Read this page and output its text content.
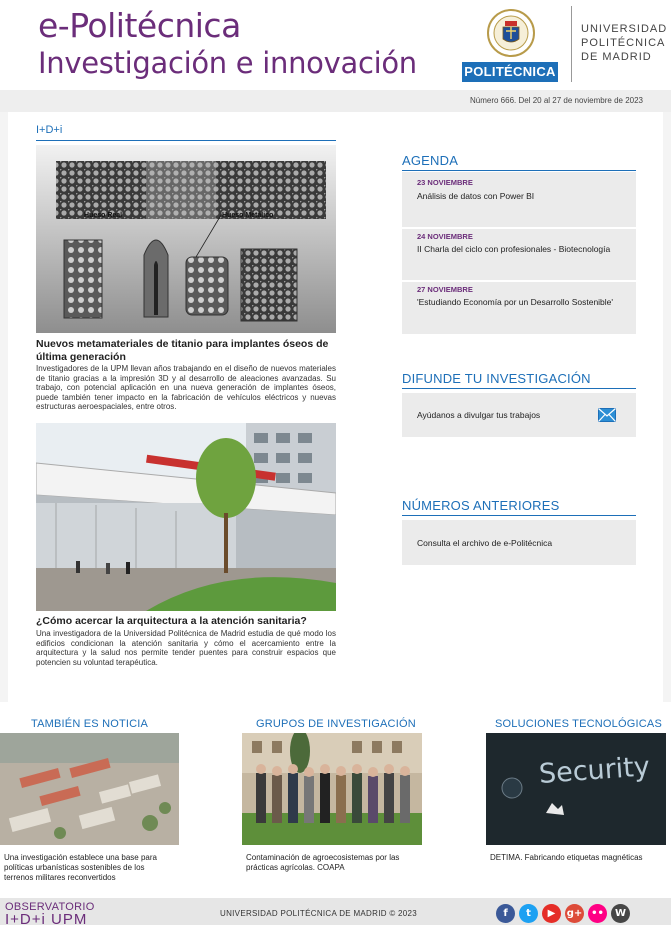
e-Politécnica
Investigación e innovación	POLITÉCNICA
UNIVERSIDAD
POLITÉCNICA
DE MADRID
Número 666. Del 20 al 27 de noviembre de 2023
I+D+i
Hueso Real	Hueso Metálico
Nuevos metamateriales de titanio para implantes óseos de última generación
Investigadores de la UPM llevan años trabajando en el diseño de nuevos materiales de titanio gracias a la impresión 3D y al desarrollo de aleaciones avanzadas. Su trabajo, con potencial aplicación en una nueva generación de implantes óseos, puede también tener impacto en la fabricación de vehículos eléctricos y nuevas estructuras aeroespaciales, entre otros.
¿Cómo acercar la arquitectura a la atención sanitaria?
Una investigadora de la Universidad Politécnica de Madrid estudia de qué modo los edificios condicionan la atención sanitaria y cómo el acercamiento entre la arquitectura y la salud nos permite tender puentes para construir espacios que potencien su voluntad terapéutica.
AGENDA
23 NOVIEMBRE
Análisis de datos con Power BI
24 NOVIEMBRE
II Charla del ciclo con profesionales - Biotecnología
27 NOVIEMBRE
'Estudiando Economía por un Desarrollo Sostenible'
DIFUNDE TU INVESTIGACIÓN
Ayúdanos a divulgar tus trabajos
NÚMEROS ANTERIORES
Consulta el archivo de e-Politécnica
TAMBIÉN ES NOTICIA
Una investigación establece una base para políticas urbanísticas sostenibles de los terrenos militares reconvertidos
GRUPOS DE INVESTIGACIÓN
Contaminación de agroecosistemas por las prácticas agrícolas. COAPA
SOLUCIONES TECNOLÓGICAS
Security
DETIMA. Fabricando etiquetas magnéticas
OBSERVATORIO
I+D+i UPM	UNIVERSIDAD POLITÉCNICA DE MADRID © 2023	f	t	▶	g+ ••	W
